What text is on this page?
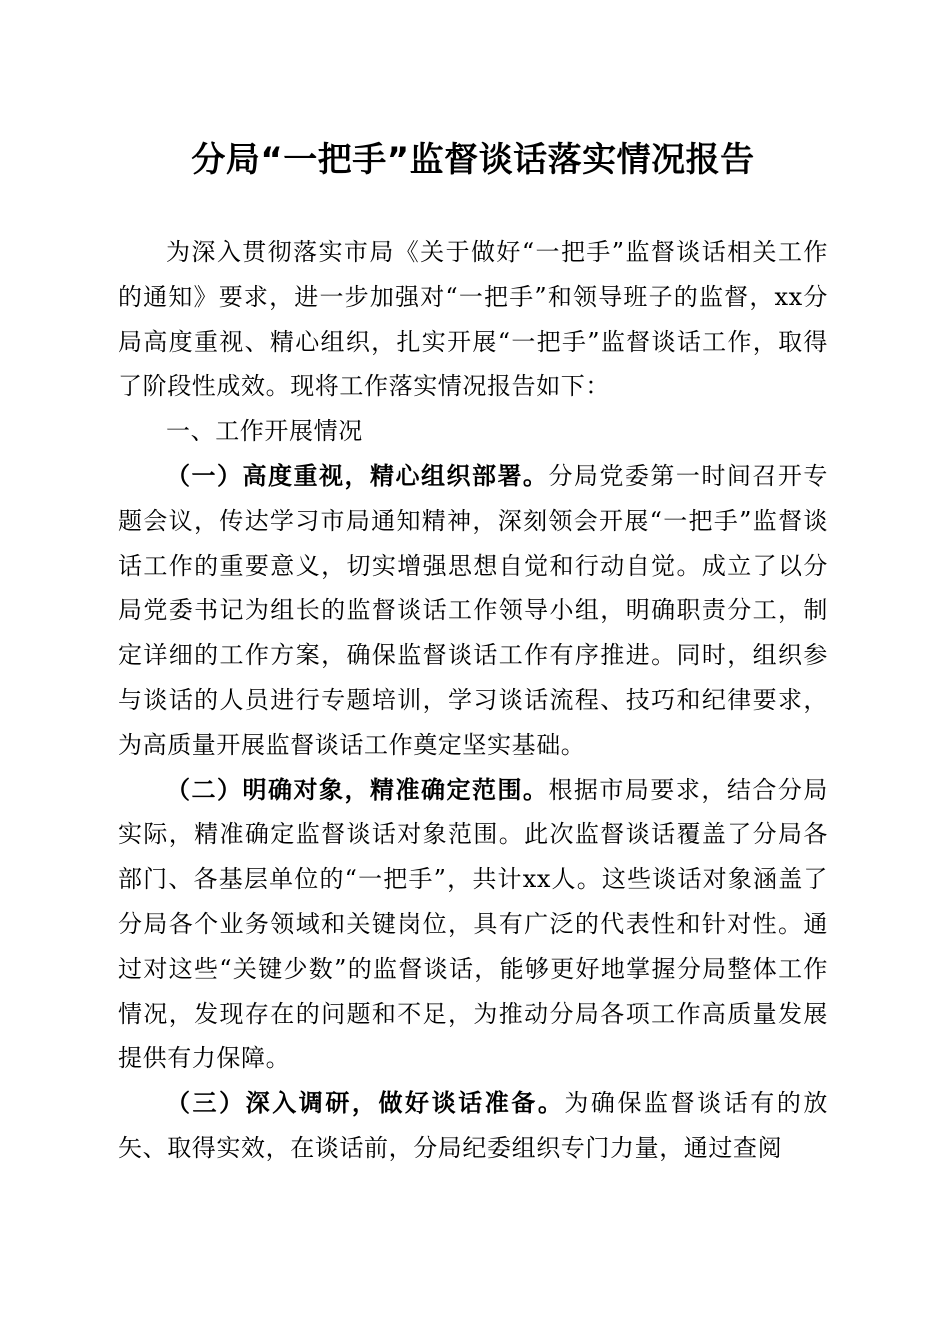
分局“一把手”监督谈话落实情况报告

为深入贯彻落实市局《关于做好“一把手”监督谈话相关工作的通知》要求，进一步加强对“一把手”和领导班子的监督，xx分局高度重视、精心组织，扎实开展“一把手”监督谈话工作，取得了阶段性成效。现将工作落实情况报告如下：

一、工作开展情况

（一）高度重视，精心组织部署。分局党委第一时间召开专题会议，传达学习市局通知精神，深刻领会开展“一把手”监督谈话工作的重要意义，切实增强思想自觉和行动自觉。成立了以分局党委书记为组长的监督谈话工作领导小组，明确职责分工，制定详细的工作方案，确保监督谈话工作有序推进。同时，组织参与谈话的人员进行专题培训，学习谈话流程、技巧和纪律要求，为高质量开展监督谈话工作奠定坚实基础。

（二）明确对象，精准确定范围。根据市局要求，结合分局实际，精准确定监督谈话对象范围。此次监督谈话覆盖了分局各部门、各基层单位的“一把手”，共计xx人。这些谈话对象涵盖了分局各个业务领域和关键岗位，具有广泛的代表性和针对性。通过对这些“关键少数”的监督谈话，能够更好地掌握分局整体工作情况，发现存在的问题和不足，为推动分局各项工作高质量发展提供有力保障。

（三）深入调研，做好谈话准备。为确保监督谈话有的放矢、取得实效，在谈话前，分局纪委组织专门力量，通过查阅
